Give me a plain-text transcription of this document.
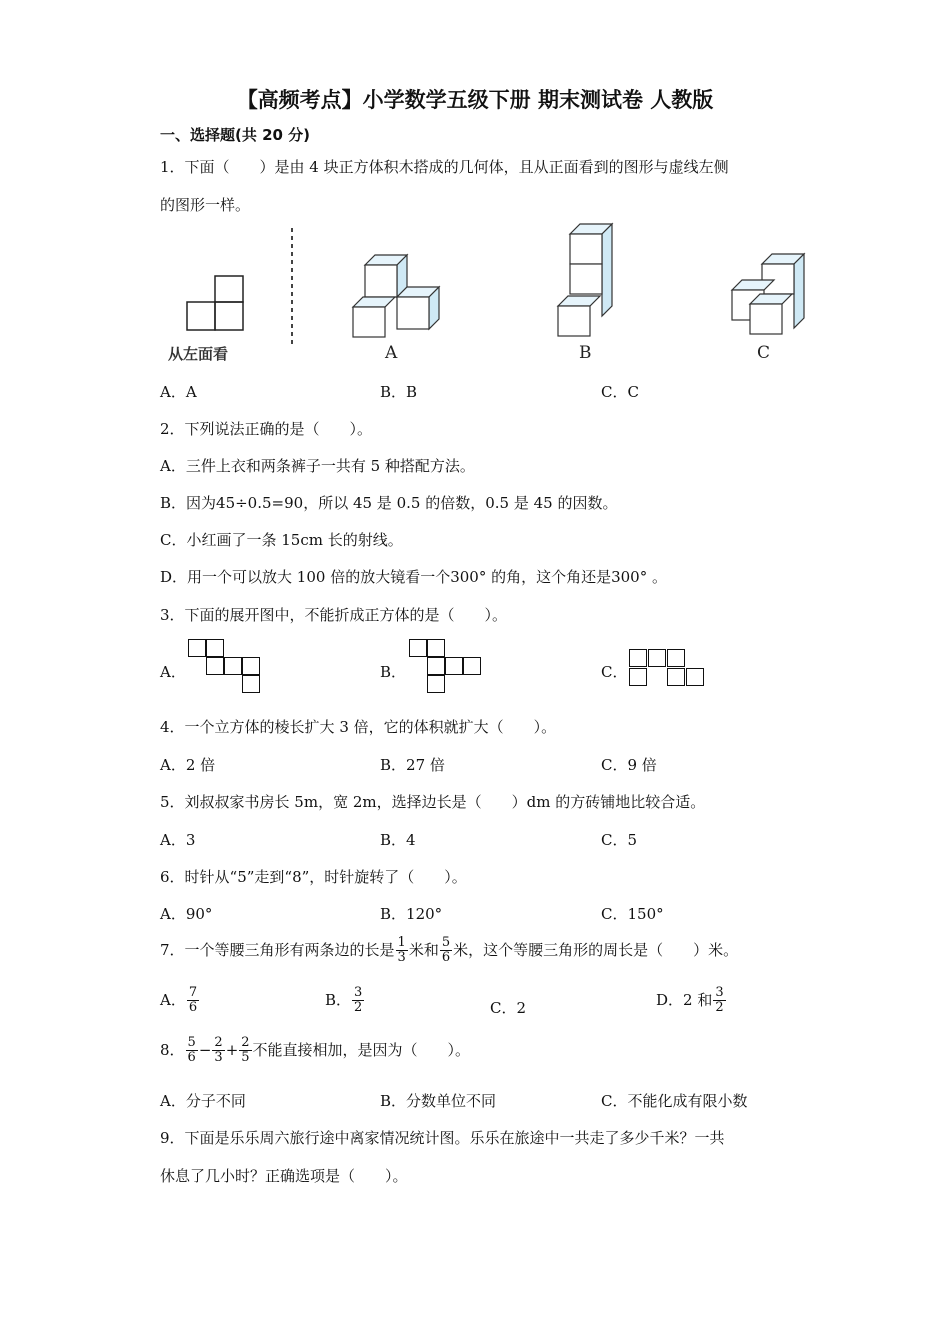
【高频考点】小学数学五级下册 期末测试卷 人教版
一、选择题(共 20 分)
1．下面（　　）是由 4 块正方体积木搭成的几何体，且从正面看到的图形与虚线左侧
的图形一样。
从左面看	A	B	C
A．A	B．B	C．C
2．下列说法正确的是（　　）。
A．三件上衣和两条裤子一共有 5 种搭配方法。
B．因为45÷0.5=90，所以 45 是 0.5 的倍数，0.5 是 45 的因数。
C．小红画了一条 15cm 长的射线。
D．用一个可以放大 100 倍的放大镜看一个300° 的角，这个角还是300° 。
3．下面的展开图中，不能折成正方体的是（　　）。
A．	B．	C．
4．一个立方体的棱长扩大 3 倍，它的体积就扩大（　　）。
A．2 倍	B．27 倍	C．9 倍
5．刘叔叔家书房长 5m，宽 2m，选择边长是（　　）dm 的方砖铺地比较合适。
A．3	B．4	C．5
6．时针从“5”走到“8”，时针旋转了（　　）。
A．90°	B．120°	C．150°
7．一个等腰三角形有两条边的长是 $\frac{1}{3}$ 米和 $\frac{5}{6}$ 米，这个等腰三角形的周长是（　　）米。
A． $\frac{7}{6}$	B． $\frac{3}{2}$	C．2	D．2 和 $\frac{3}{2}$
8． $\frac{5}{6} - \frac{2}{3} + \frac{2}{5}$ 不能直接相加，是因为（　　）。
A．分子不同	B．分数单位不同	C．不能化成有限小数
9．下面是乐乐周六旅行途中离家情况统计图。乐乐在旅途中一共走了多少千米？一共
休息了几小时？正确选项是（　　）。
